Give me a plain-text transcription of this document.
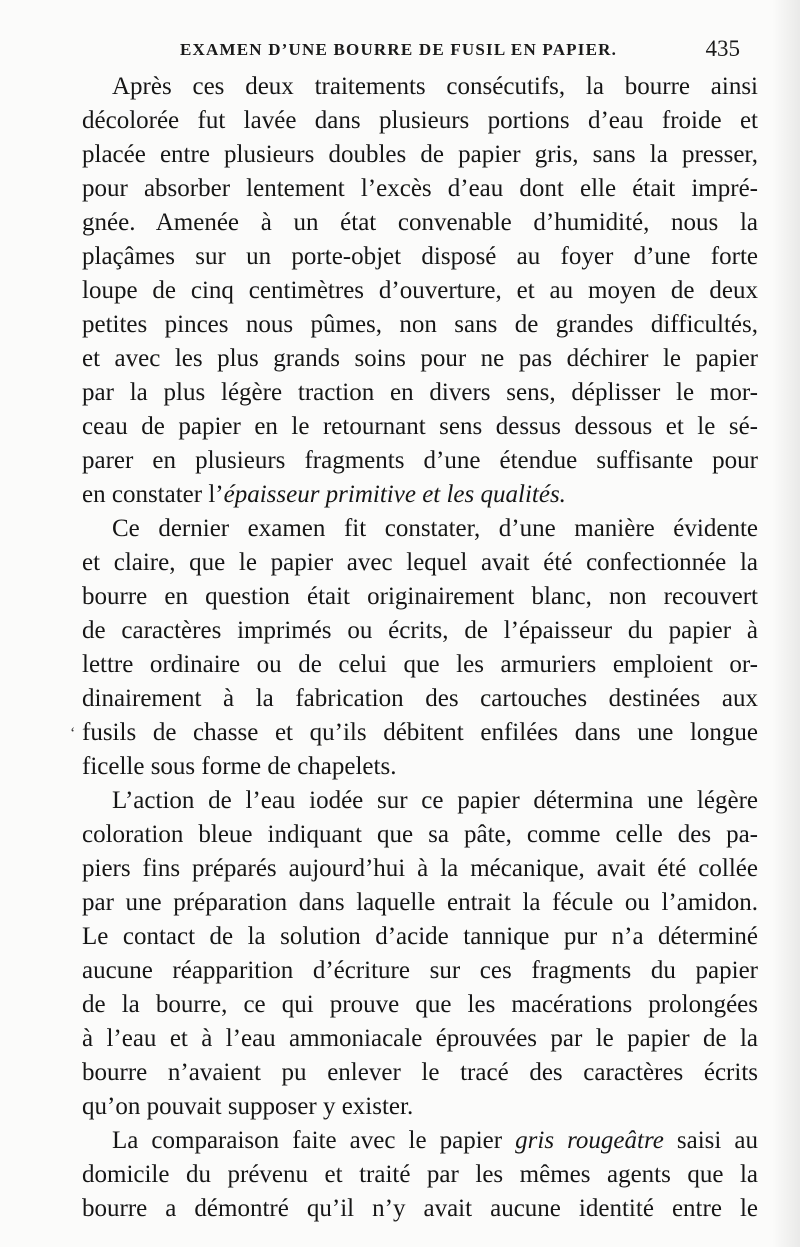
EXAMEN D’UNE BOURRE DE FUSIL EN PAPIER.	435
‘
Après ces deux traitements consécutifs, la bourre ainsi
décolorée fut lavée dans plusieurs portions d’eau froide et
placée entre plusieurs doubles de papier gris, sans la presser,
pour absorber lentement l’excès d’eau dont elle était impré-
gnée. Amenée à un état convenable d’humidité, nous la
plaçâmes sur un porte-objet disposé au foyer d’une forte
loupe de cinq centimètres d’ouverture, et au moyen de deux
petites pinces nous pûmes, non sans de grandes difficultés,
et avec les plus grands soins pour ne pas déchirer le papier
par la plus légère traction en divers sens, déplisser le mor-
ceau de papier en le retournant sens dessus dessous et le sé-
parer en plusieurs fragments d’une étendue suffisante pour
en constater l’épaisseur primitive et les qualités.
Ce dernier examen fit constater, d’une manière évidente
et claire, que le papier avec lequel avait été confectionnée la
bourre en question était originairement blanc, non recouvert
de caractères imprimés ou écrits, de l’épaisseur du papier à
lettre ordinaire ou de celui que les armuriers emploient or-
dinairement à la fabrication des cartouches destinées aux
fusils de chasse et qu’ils débitent enfilées dans une longue
ficelle sous forme de chapelets.
L’action de l’eau iodée sur ce papier détermina une légère
coloration bleue indiquant que sa pâte, comme celle des pa-
piers fins préparés aujourd’hui à la mécanique, avait été collée
par une préparation dans laquelle entrait la fécule ou l’amidon.
Le contact de la solution d’acide tannique pur n’a déterminé
aucune réapparition d’écriture sur ces fragments du papier
de la bourre, ce qui prouve que les macérations prolongées
à l’eau et à l’eau ammoniacale éprouvées par le papier de la
bourre n’avaient pu enlever le tracé des caractères écrits
qu’on pouvait supposer y exister.
La comparaison faite avec le papier gris rougeâtre saisi au
domicile du prévenu et traité par les mêmes agents que la
bourre a démontré qu’il n’y avait aucune identité entre le
